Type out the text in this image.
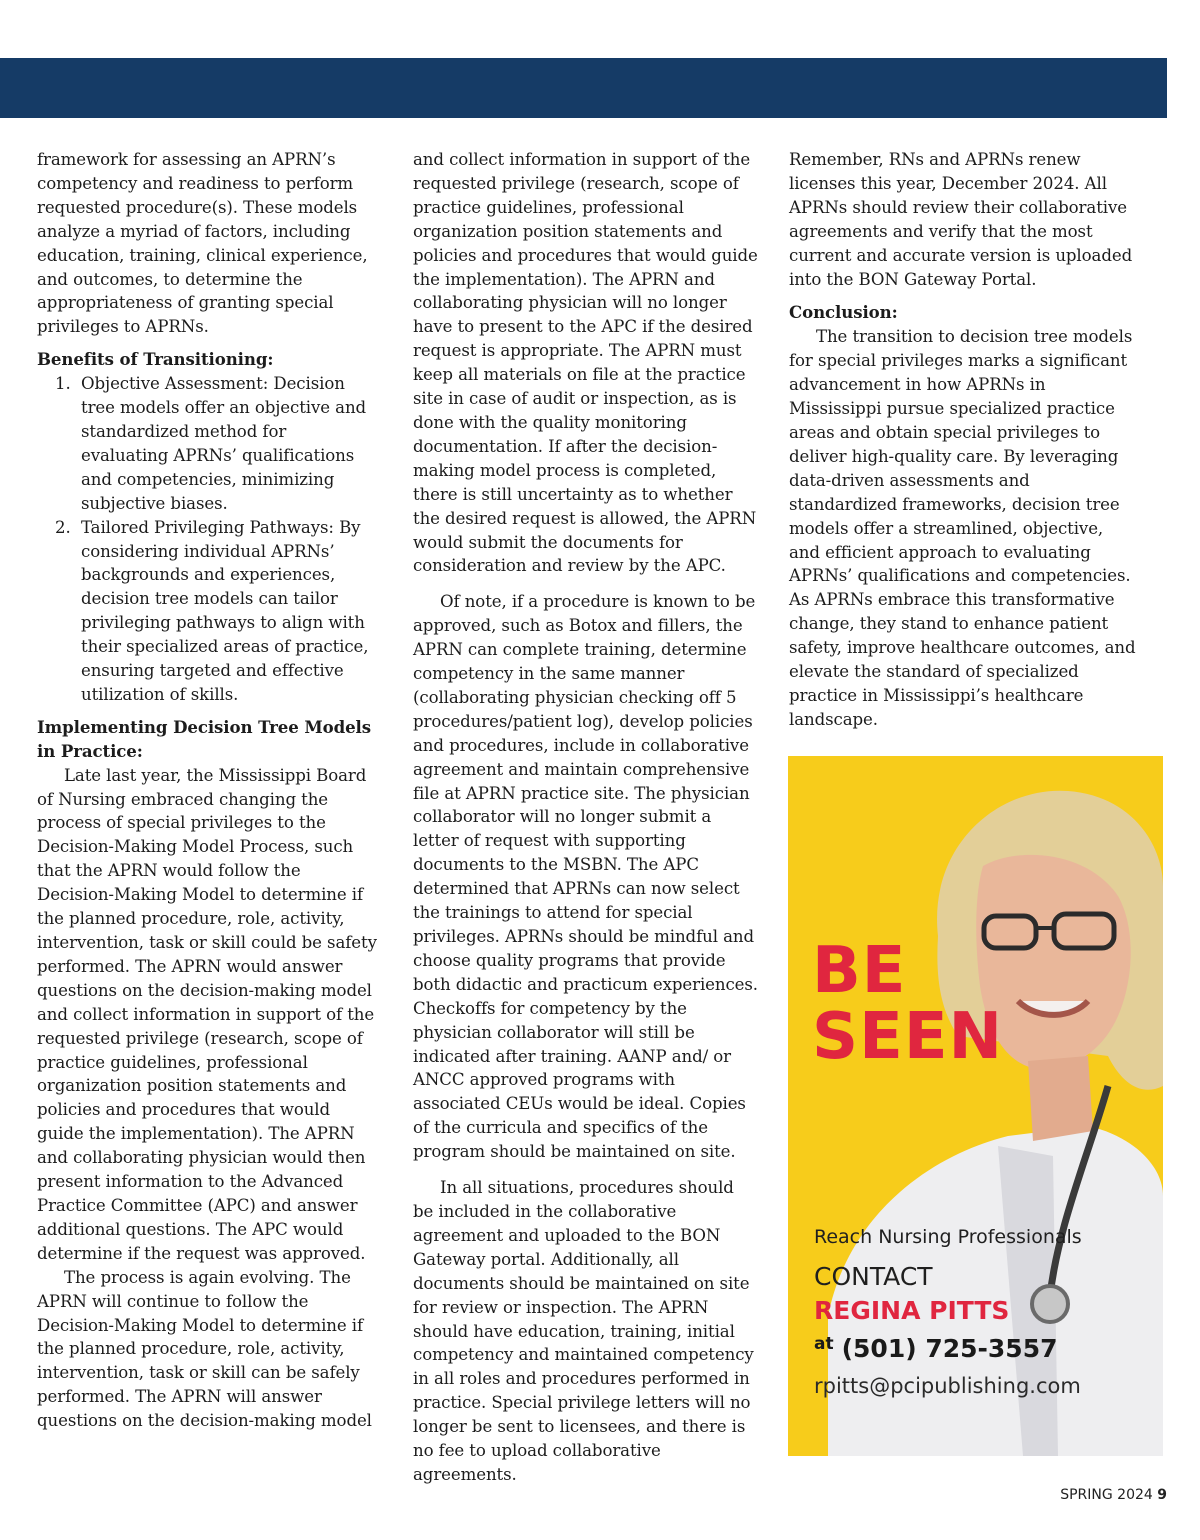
framework for assessing an APRN’s competency and readiness to perform requested procedure(s). These models analyze a myriad of factors, including education, training, clinical experience, and outcomes, to determine the appropriateness of granting special privileges to APRNs.

Benefits of Transitioning:
1. Objective Assessment: Decision tree models offer an objective and standardized method for evaluating APRNs’ qualifications and competencies, minimizing subjective biases.
2. Tailored Privileging Pathways: By considering individual APRNs’ backgrounds and experiences, decision tree models can tailor privileging pathways to align with their specialized areas of practice, ensuring targeted and effective utilization of skills.
Implementing Decision Tree Models in Practice:

Late last year, the Mississippi Board of Nursing embraced changing the process of special privileges to the Decision-Making Model Process, such that the APRN would follow the Decision-Making Model to determine if the planned procedure, role, activity, intervention, task or skill could be safety performed. The APRN would answer questions on the decision-making model and collect information in support of the requested privilege (research, scope of practice guidelines, professional organization position statements and policies and procedures that would guide the implementation). The APRN and collaborating physician would then present information to the Advanced Practice Committee (APC) and answer additional questions. The APC would determine if the request was approved.

The process is again evolving. The APRN will continue to follow the Decision-Making Model to determine if the planned procedure, role, activity, intervention, task or skill can be safely performed. The APRN will answer questions on the decision-making model

and collect information in support of the requested privilege (research, scope of practice guidelines, professional organization position statements and policies and procedures that would guide the implementation). The APRN and collaborating physician will no longer have to present to the APC if the desired request is appropriate. The APRN must keep all materials on file at the practice site in case of audit or inspection, as is done with the quality monitoring documentation. If after the decision-making model process is completed, there is still uncertainty as to whether the desired request is allowed, the APRN would submit the documents for consideration and review by the APC.

Of note, if a procedure is known to be approved, such as Botox and fillers, the APRN can complete training, determine competency in the same manner (collaborating physician checking off 5 procedures/patient log), develop policies and procedures, include in collaborative agreement and maintain comprehensive file at APRN practice site. The physician collaborator will no longer submit a letter of request with supporting documents to the MSBN. The APC determined that APRNs can now select the trainings to attend for special privileges. APRNs should be mindful and choose quality programs that provide both didactic and practicum experiences. Checkoffs for competency by the physician collaborator will still be indicated after training. AANP and/ or ANCC approved programs with associated CEUs would be ideal. Copies of the curricula and specifics of the program should be maintained on site.

In all situations, procedures should be included in the collaborative agreement and uploaded to the BON Gateway portal. Additionally, all documents should be maintained on site for review or inspection. The APRN should have education, training, initial competency and maintained competency in all roles and procedures performed in practice. Special privilege letters will no longer be sent to licensees, and there is no fee to upload collaborative agreements.

Remember, RNs and APRNs renew licenses this year, December 2024. All APRNs should review their collaborative agreements and verify that the most current and accurate version is uploaded into the BON Gateway Portal.

Conclusion:

The transition to decision tree models for special privileges marks a significant advancement in how APRNs in Mississippi pursue specialized practice areas and obtain special privileges to deliver high-quality care. By leveraging data-driven assessments and standardized frameworks, decision tree models offer a streamlined, objective, and efficient approach to evaluating APRNs’ qualifications and competencies. As APRNs embrace this transformative change, they stand to enhance patient safety, improve healthcare outcomes, and elevate the standard of specialized practice in Mississippi’s healthcare landscape.

BE
SEEN
Reach Nursing Professionals
CONTACT
REGINA PITTS
$^{at}$ (501) 725-3557
rpitts@pcipublishing.com
SPRING 2024 9
